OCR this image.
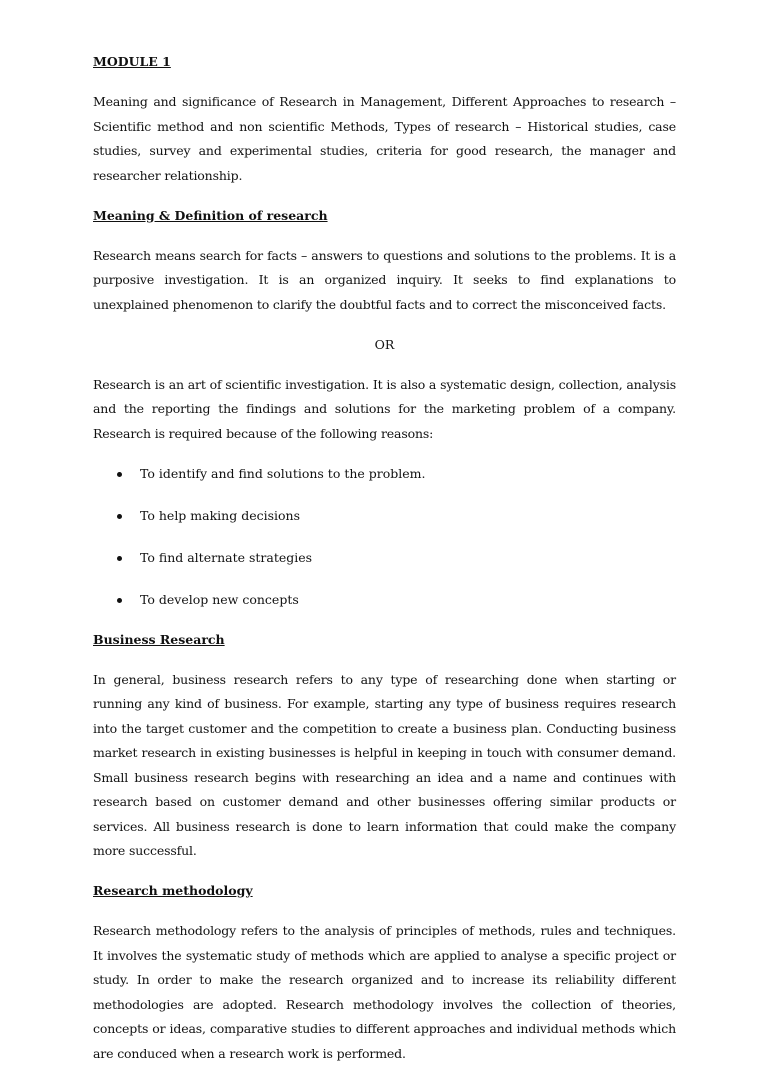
MODULE 1

Meaning and significance of Research in Management, Different Approaches to research – Scientific method and non scientific Methods, Types of research – Historical studies, case studies, survey and experimental studies, criteria for good research, the manager and researcher relationship.

Meaning & Definition of research

Research means search for facts – answers to questions and solutions to the problems. It is a purposive investigation. It is an organized inquiry. It seeks to find explanations to unexplained phenomenon to clarify the doubtful facts and to correct the misconceived facts.

OR

Research is an art of scientific investigation. It is also a systematic design, collection, analysis and the reporting the findings and solutions for the marketing problem of a company. Research is required because of the following reasons:

To identify and find solutions to the problem.
To help making decisions
To find alternate strategies
To develop new concepts

Business Research

In general, business research refers to any type of researching done when starting or running any kind of business. For example, starting any type of business requires research into the target customer and the competition to create a business plan. Conducting business market research in existing businesses is helpful in keeping in touch with consumer demand. Small business research begins with researching an idea and a name and continues with research based on customer demand and other businesses offering similar products or services. All business research is done to learn information that could make the company more successful.

Research methodology

Research methodology refers to the analysis of principles of methods, rules and techniques. It involves the systematic study of methods which are applied to analyse a specific project or study. In order to make the research organized and to increase its reliability different methodologies are adopted. Research methodology involves the collection of theories, concepts or ideas, comparative studies to different approaches and individual methods which are conduced when a research work is performed.
